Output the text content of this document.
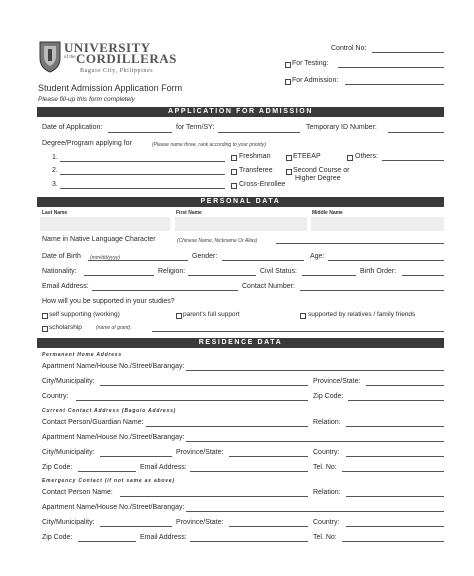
UNIVERSITY
of the CORDILLERAS
Baguio City, Philippines
Control No:
For Testing:
For Admission:
Student Admission Application Form
Please fill-up this form completely
APPLICATION FOR ADMISSION
Date of Application:	for Term/SY:	Temporary ID Number:
Degree/Program applying for	(Please name three, rank according to your priority)
1.
2.
3.
Freshman	ETEEAP	Others:
Transferee	Second Course or
Higher Degree
Cross-Enrollee
PERSONAL DATA
Last Name	First Name	Middle Name
Name in Native Language Character	(Chinese Name, Nickname Or Alias)
Date of Birth (mm/dd/yyyy)	Gender:	Age:
Nationality:	Religion:	Civil Status:	Birth Order:
Email Address:	Contact Number:
How will you be supported in your studies?
self supporting (working)	parent's full support	supported by relatives / family friends
scholarship	(name of grant):
RESIDENCE DATA
Permanent Home Address
Apartment Name/House No./Street/Barangay:
City/Municipality:	Province/State:
Country:	Zip Code:
Current Contact Address (Baguio Address)
Contact Person/Guardian Name:	Relation:
Apartment Name/House No./Street/Barangay:
City/Municipality:	Province/State:	Country:
Zip Code:	Email Address:	Tel. No:
Emergency Contact (if not same as above)
Contact Person Name:	Relation:
Apartment Name/House No./Street/Barangay:
City/Municipality:	Province/State:	Country:
Zip Code:	Email Address:	Tel. No:
